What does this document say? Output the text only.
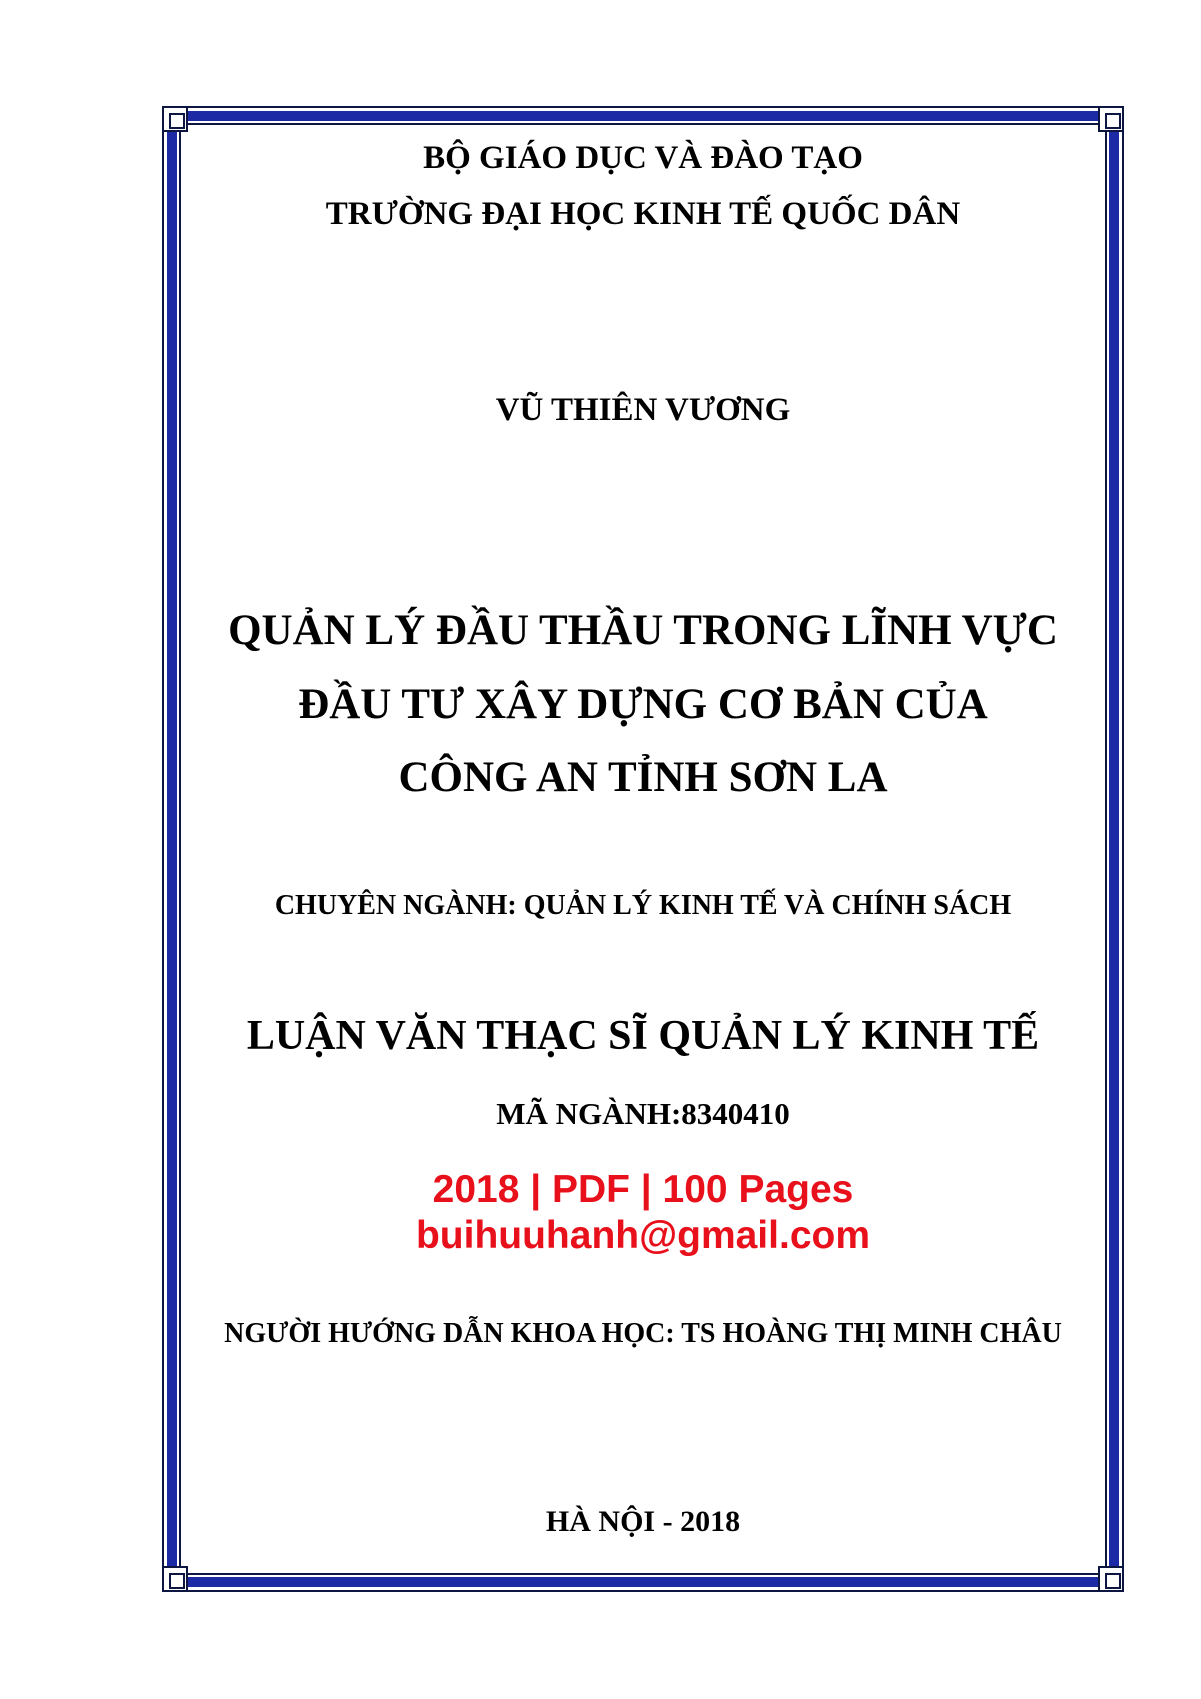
BỘ GIÁO DỤC VÀ ĐÀO TẠO
TRƯỜNG ĐẠI HỌC KINH TẾ QUỐC DÂN
VŨ THIÊN VƯƠNG
QUẢN LÝ ĐẦU THẦU TRONG LĨNH VỰC
ĐẦU TƯ XÂY DỰNG CƠ BẢN CỦA
CÔNG AN TỈNH SƠN LA
CHUYÊN NGÀNH: QUẢN LÝ KINH TẾ VÀ CHÍNH SÁCH
LUẬN VĂN THẠC SĨ QUẢN LÝ KINH TẾ
MÃ NGÀNH:8340410
2018 | PDF | 100 Pages
buihuuhanh@gmail.com
NGƯỜI HƯỚNG DẪN KHOA HỌC: TS HOÀNG THỊ MINH CHÂU
HÀ NỘI - 2018
